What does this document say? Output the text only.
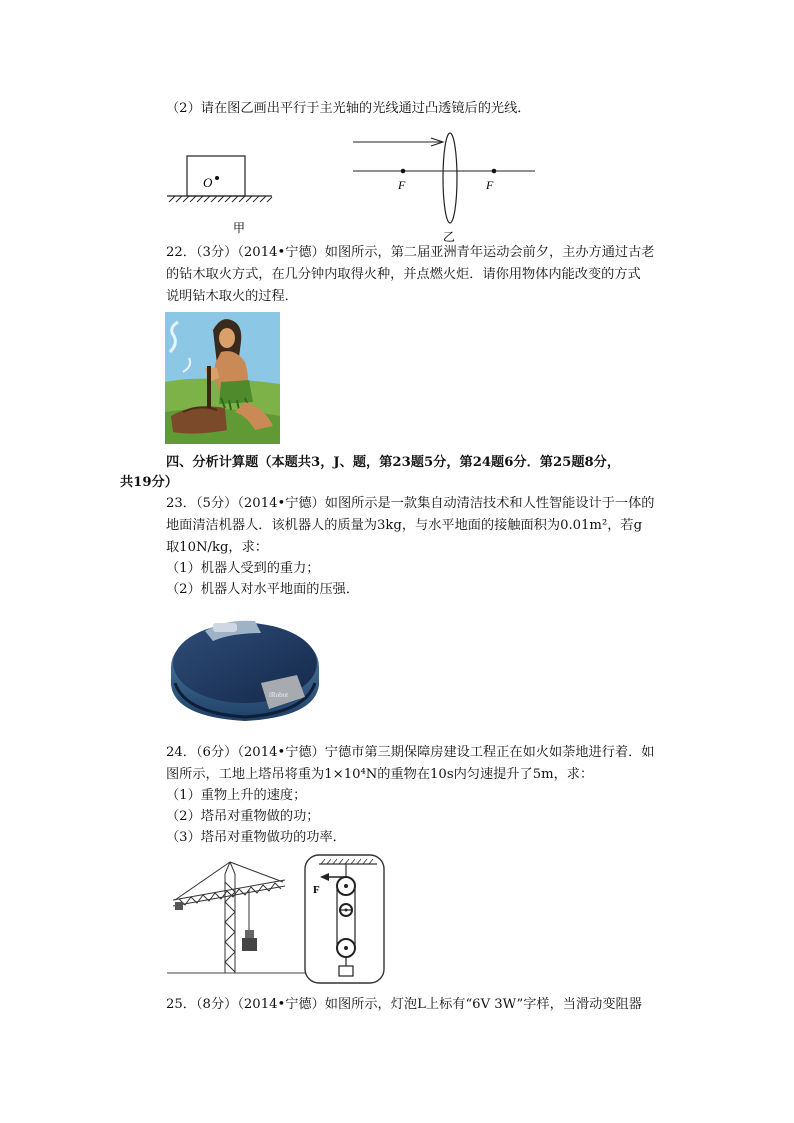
（2）请在图乙画出平行于主光轴的光线通过凸透镜后的光线．
O
甲
F	F
乙
22．（3分）（2014•宁德）如图所示，第二届亚洲青年运动会前夕，主办方通过古老
的钻木取火方式，在几分钟内取得火种，并点燃火炬．请你用物体内能改变的方式
说明钻木取火的过程．
四、分析计算题（本题共3，J、题，第23题5分，第24题6分．第25题8分，
共19分）
23．（5分）（2014•宁德）如图所示是一款集自动清洁技术和人性智能设计于一体的
地面清洁机器人．该机器人的质量为3kg，与水平地面的接触面积为0.01m²，若g
取10N/kg，求：
（1）机器人受到的重力；
（2）机器人对水平地面的压强．
iRobot
24．（6分）（2014•宁德）宁德市第三期保障房建设工程正在如火如荼地进行着．如
图所示，工地上塔吊将重为1×10⁴N的重物在10s内匀速提升了5m，求：
（1）重物上升的速度；
（2）塔吊对重物做的功；
（3）塔吊对重物做功的功率．
F
25．（8分）（2014•宁德）如图所示，灯泡L上标有“6V 3W”字样，当滑动变阻器
